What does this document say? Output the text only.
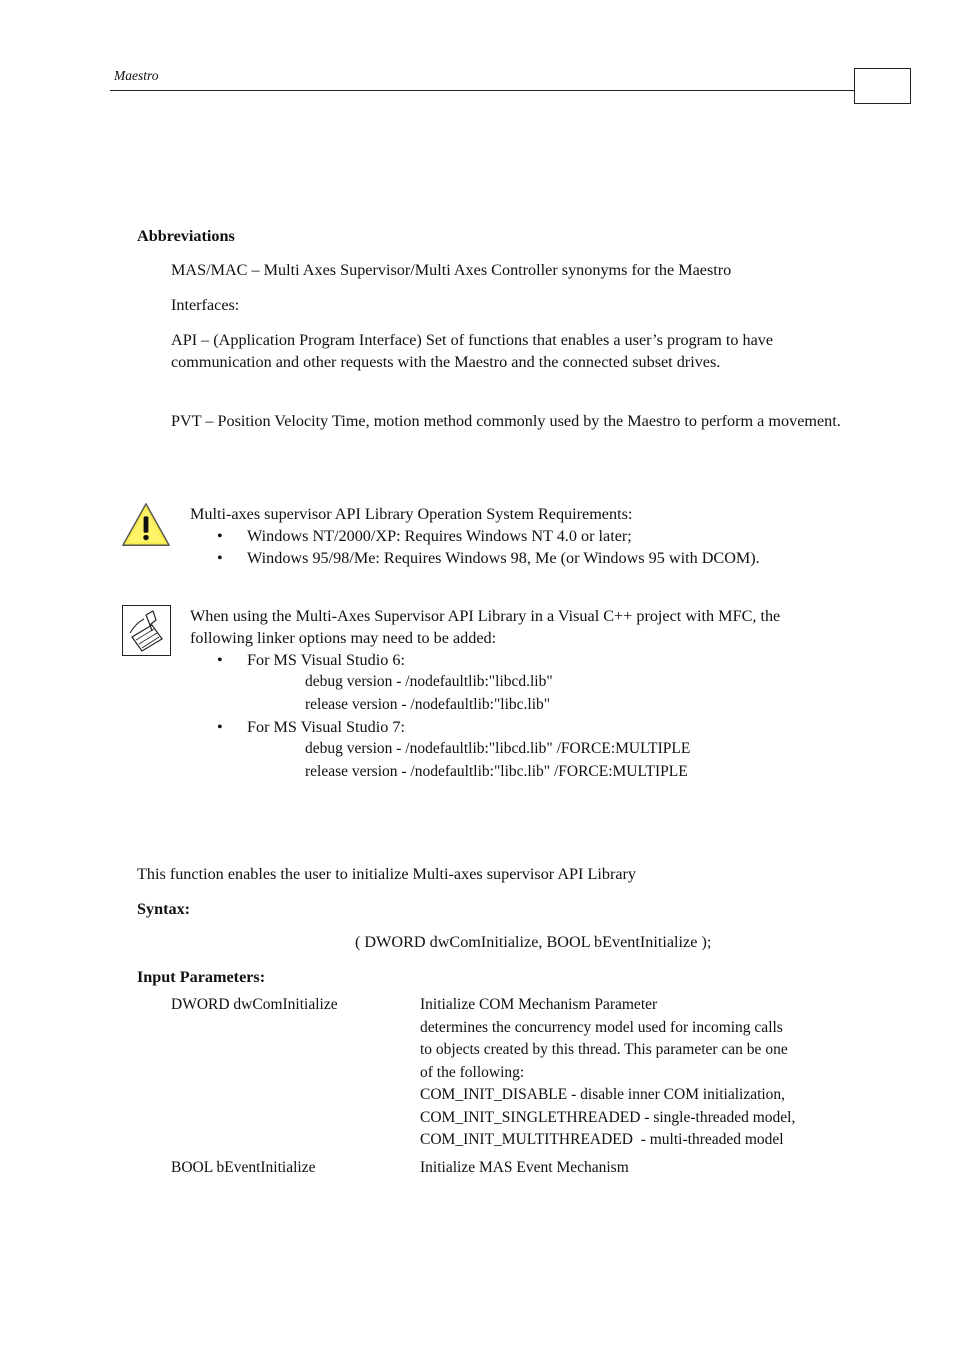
Maestro
Abbreviations
MAS/MAC – Multi Axes Supervisor/Multi Axes Controller synonyms for the Maestro
Interfaces:
API – (Application Program Interface) Set of functions that enables a user’s program to have communication and other requests with the Maestro and the connected subset drives.
PVT – Position Velocity Time, motion method commonly used by the Maestro to perform a movement.
Multi-axes supervisor API Library Operation System Requirements:
• Windows NT/2000/XP: Requires Windows NT 4.0 or later;
• Windows 95/98/Me: Requires Windows 98, Me (or Windows 95 with DCOM).
When using the Multi-Axes Supervisor API Library in a Visual C++ project with MFC, the following linker options may need to be added:
• For MS Visual Studio 6:
debug version - /nodefaultlib:"libcd.lib"
release version - /nodefaultlib:"libc.lib"
• For MS Visual Studio 7:
debug version - /nodefaultlib:"libcd.lib" /FORCE:MULTIPLE
release version - /nodefaultlib:"libc.lib" /FORCE:MULTIPLE
This function enables the user to initialize Multi-axes supervisor API Library
Syntax:
( DWORD dwComInitialize, BOOL bEventInitialize );
Input Parameters:
DWORD dwComInitialize	Initialize COM Mechanism Parameter
determines the concurrency model used for incoming calls
to objects created by this thread. This parameter can be one
of the following:
COM_INIT_DISABLE - disable inner COM initialization,
COM_INIT_SINGLETHREADED - single-threaded model,
COM_INIT_MULTITHREADED  - multi-threaded model
BOOL bEventInitialize	Initialize MAS Event Mechanism
